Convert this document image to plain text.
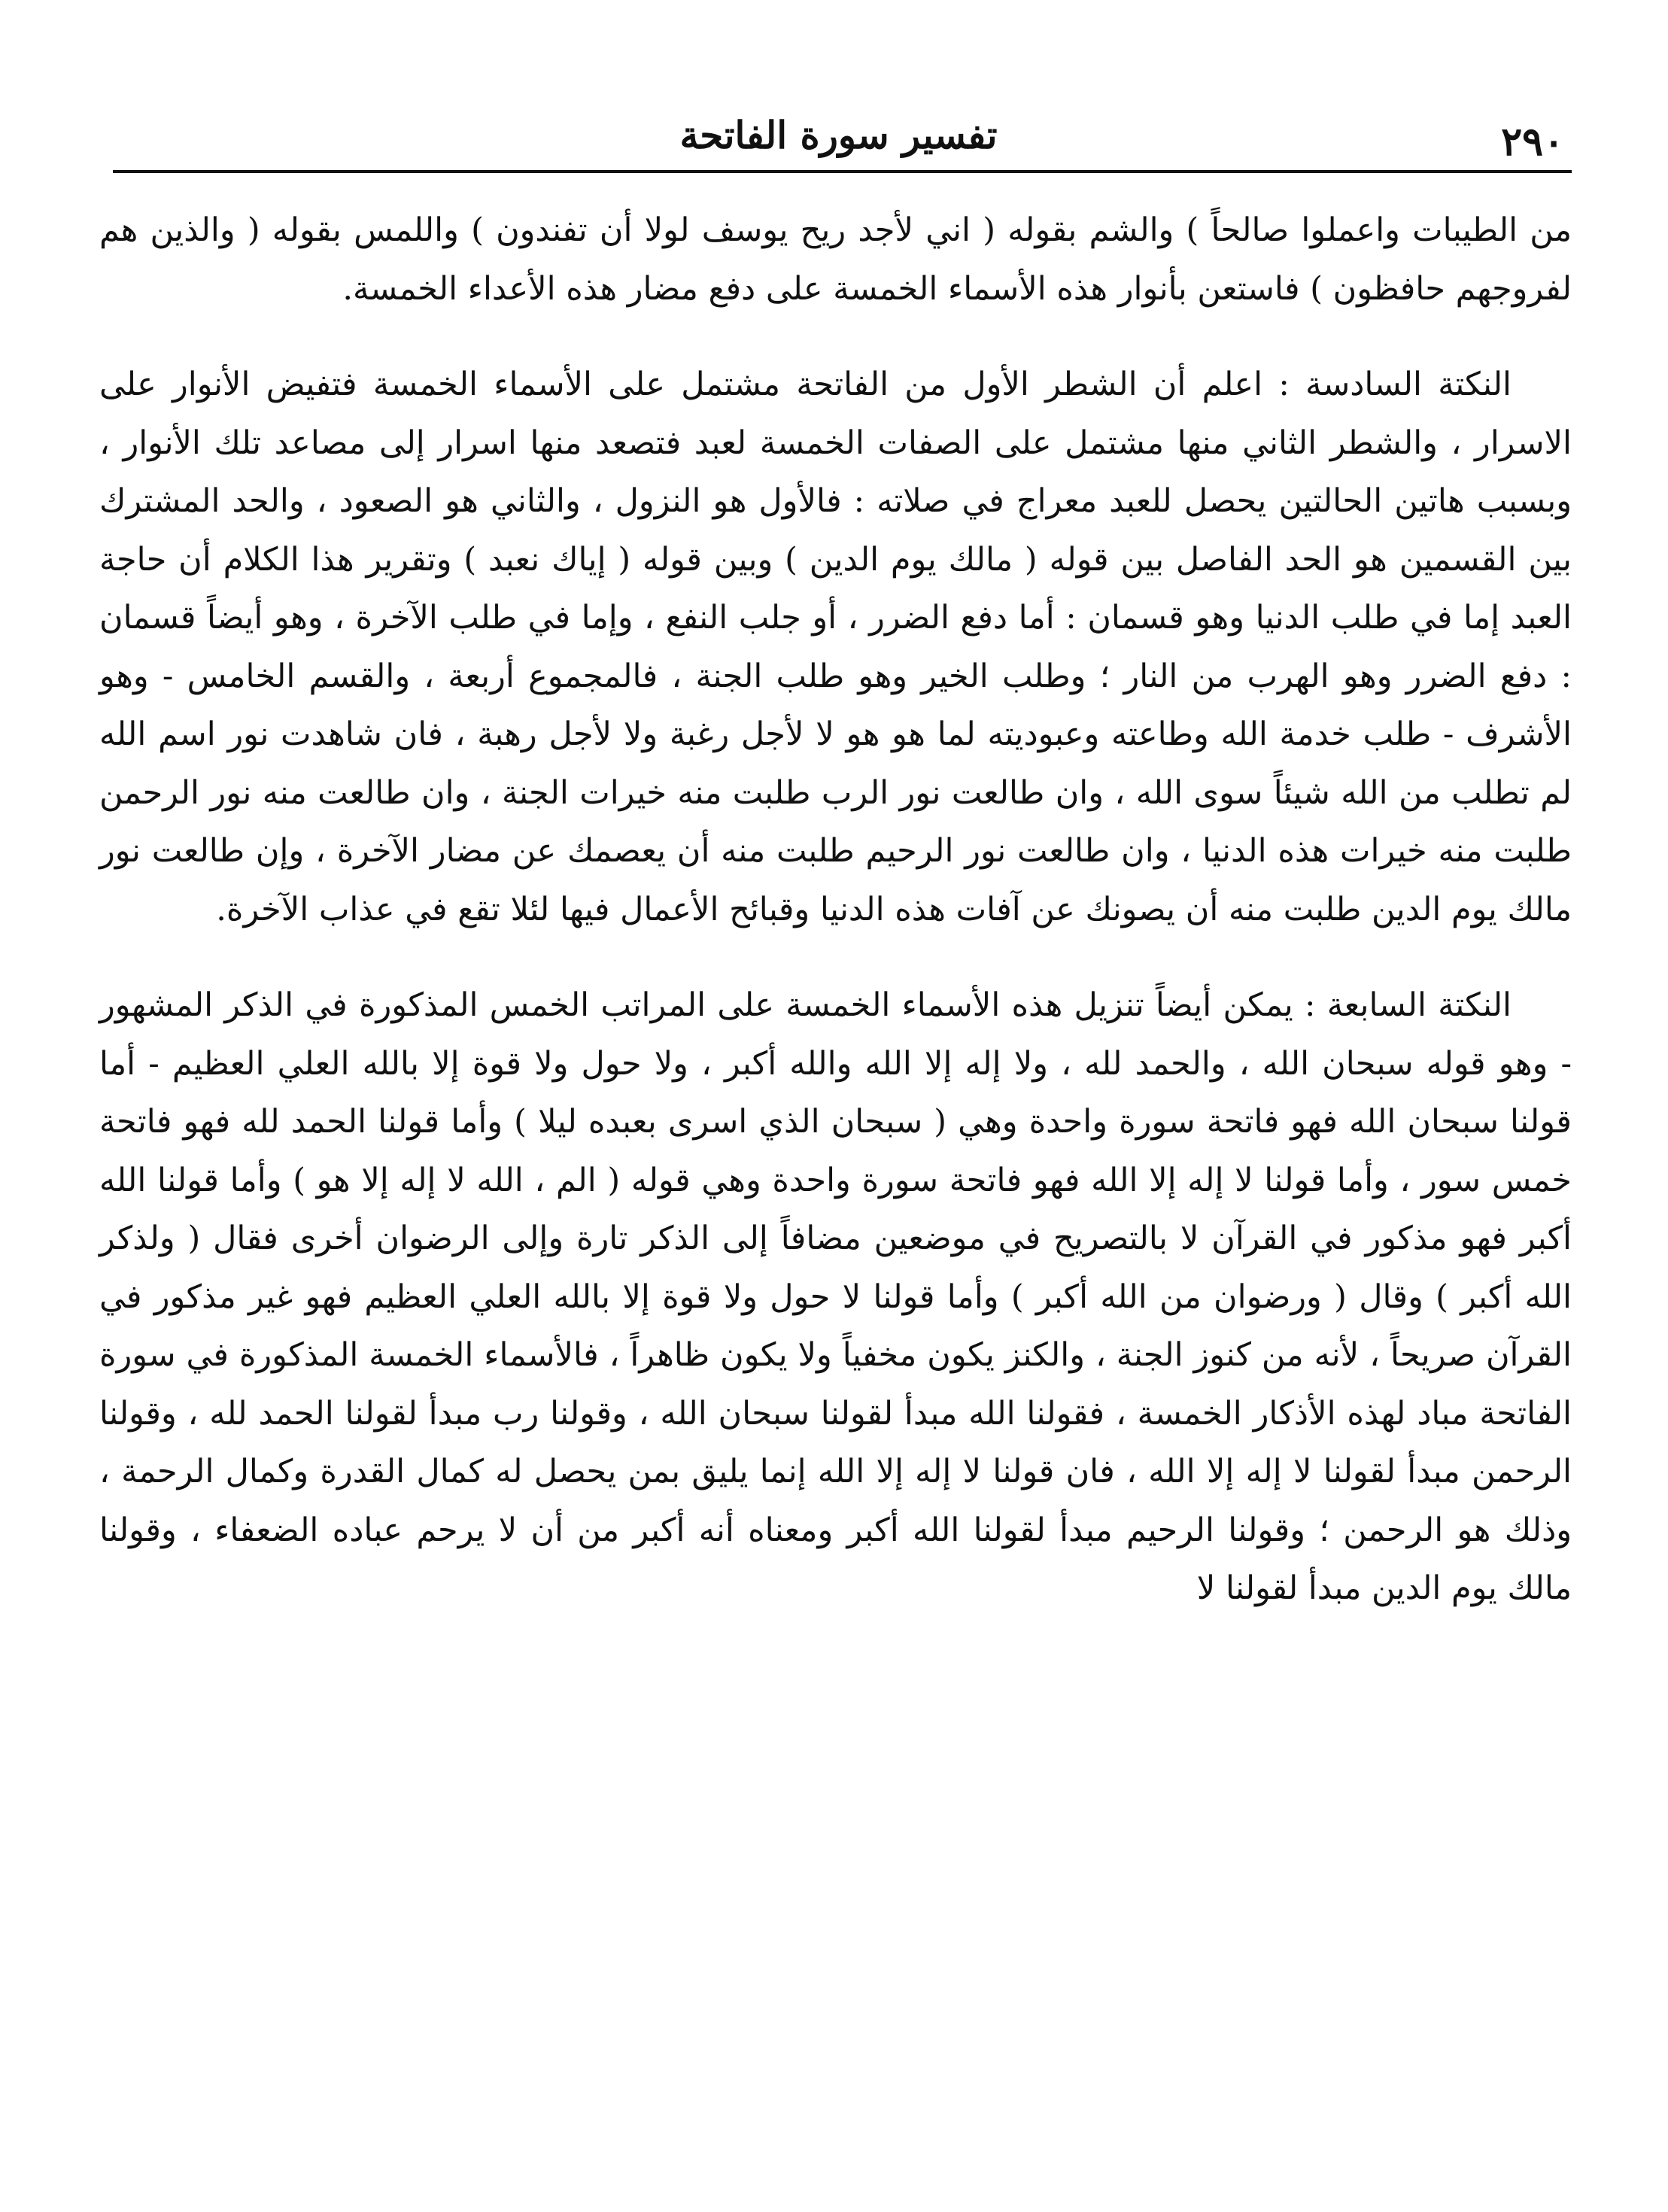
٢٩٠
تفسير سورة الفاتحة

من الطيبات واعملوا صالحاً ) والشم بقوله ( اني لأجد ريح يوسف لولا أن تفندون ) واللمس بقوله ( والذين هم لفروجهم حافظون ) فاستعن بأنوار هذه الأسماء الخمسة على دفع مضار هذه الأعداء الخمسة.

النكتة السادسة : اعلم أن الشطر الأول من الفاتحة مشتمل على الأسماء الخمسة فتفيض الأنوار على الاسرار ، والشطر الثاني منها مشتمل على الصفات الخمسة لعبد فتصعد منها اسرار إلى مصاعد تلك الأنوار ، وبسبب هاتين الحالتين يحصل للعبد معراج في صلاته : فالأول هو النزول ، والثاني هو الصعود ، والحد المشترك بين القسمين هو الحد الفاصل بين قوله ( مالك يوم الدين ) وبين قوله ( إياك نعبد ) وتقرير هذا الكلام أن حاجة العبد إما في طلب الدنيا وهو قسمان : أما دفع الضرر ، أو جلب النفع ، وإما في طلب الآخرة ، وهو أيضاً قسمان : دفع الضرر وهو الهرب من النار ؛ وطلب الخير وهو طلب الجنة ، فالمجموع أربعة ، والقسم الخامس - وهو الأشرف - طلب خدمة الله وطاعته وعبوديته لما هو هو لا لأجل رغبة ولا لأجل رهبة ، فان شاهدت نور اسم الله لم تطلب من الله شيئاً سوى الله ، وان طالعت نور الرب طلبت منه خيرات الجنة ، وان طالعت منه نور الرحمن طلبت منه خيرات هذه الدنيا ، وان طالعت نور الرحيم طلبت منه أن يعصمك عن مضار الآخرة ، وإن طالعت نور مالك يوم الدين طلبت منه أن يصونك عن آفات هذه الدنيا وقبائح الأعمال فيها لئلا تقع في عذاب الآخرة.

النكتة السابعة : يمكن أيضاً تنزيل هذه الأسماء الخمسة على المراتب الخمس المذكورة في الذكر المشهور - وهو قوله سبحان الله ، والحمد لله ، ولا إله إلا الله والله أكبر ، ولا حول ولا قوة إلا بالله العلي العظيم - أما قولنا سبحان الله فهو فاتحة سورة واحدة وهي ( سبحان الذي اسرى بعبده ليلا ) وأما قولنا الحمد لله فهو فاتحة خمس سور ، وأما قولنا لا إله إلا الله فهو فاتحة سورة واحدة وهي قوله ( الم ، الله لا إله إلا هو ) وأما قولنا الله أكبر فهو مذكور في القرآن لا بالتصريح في موضعين مضافاً إلى الذكر تارة وإلى الرضوان أخرى فقال ( ولذكر الله أكبر ) وقال ( ورضوان من الله أكبر ) وأما قولنا لا حول ولا قوة إلا بالله العلي العظيم فهو غير مذكور في القرآن صريحاً ، لأنه من كنوز الجنة ، والكنز يكون مخفياً ولا يكون ظاهراً ، فالأسماء الخمسة المذكورة في سورة الفاتحة مباد لهذه الأذكار الخمسة ، فقولنا الله مبدأ لقولنا سبحان الله ، وقولنا رب مبدأ لقولنا الحمد لله ، وقولنا الرحمن مبدأ لقولنا لا إله إلا الله ، فان قولنا لا إله إلا الله إنما يليق بمن يحصل له كمال القدرة وكمال الرحمة ، وذلك هو الرحمن ؛ وقولنا الرحيم مبدأ لقولنا الله أكبر ومعناه أنه أكبر من أن لا يرحم عباده الضعفاء ، وقولنا مالك يوم الدين مبدأ لقولنا لا
